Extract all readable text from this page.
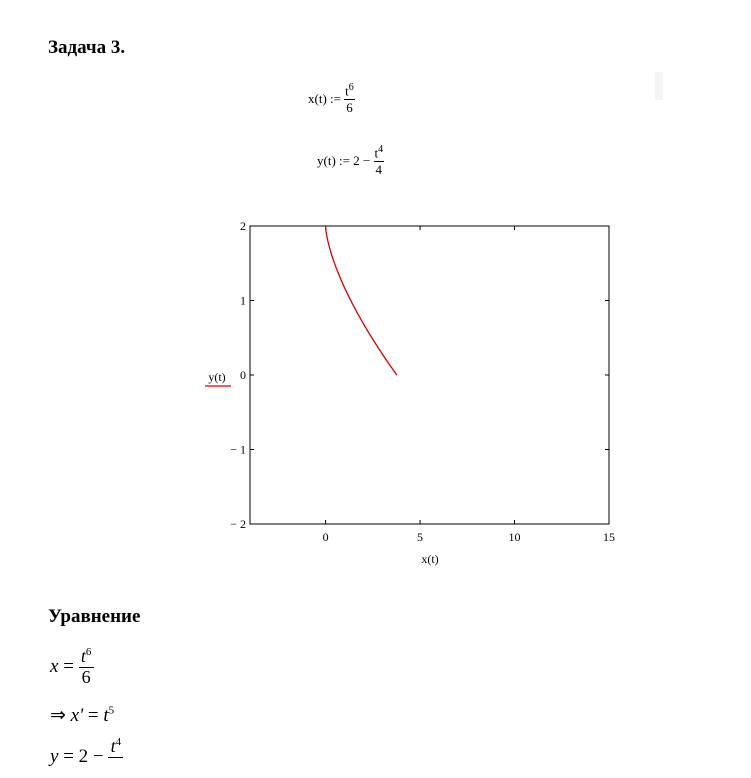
Задача 3.
x(t) := $\frac{t^6}{6}$
y(t) := $2 - \frac{t^4}{4}$
0	5	10	15
2
1
0
− 1
− 2
x(t)
y(t)
Уравнение
$x = \frac{t^6}{6}$
⇒ $x' = t^5$
$y = 2 - t^4$
